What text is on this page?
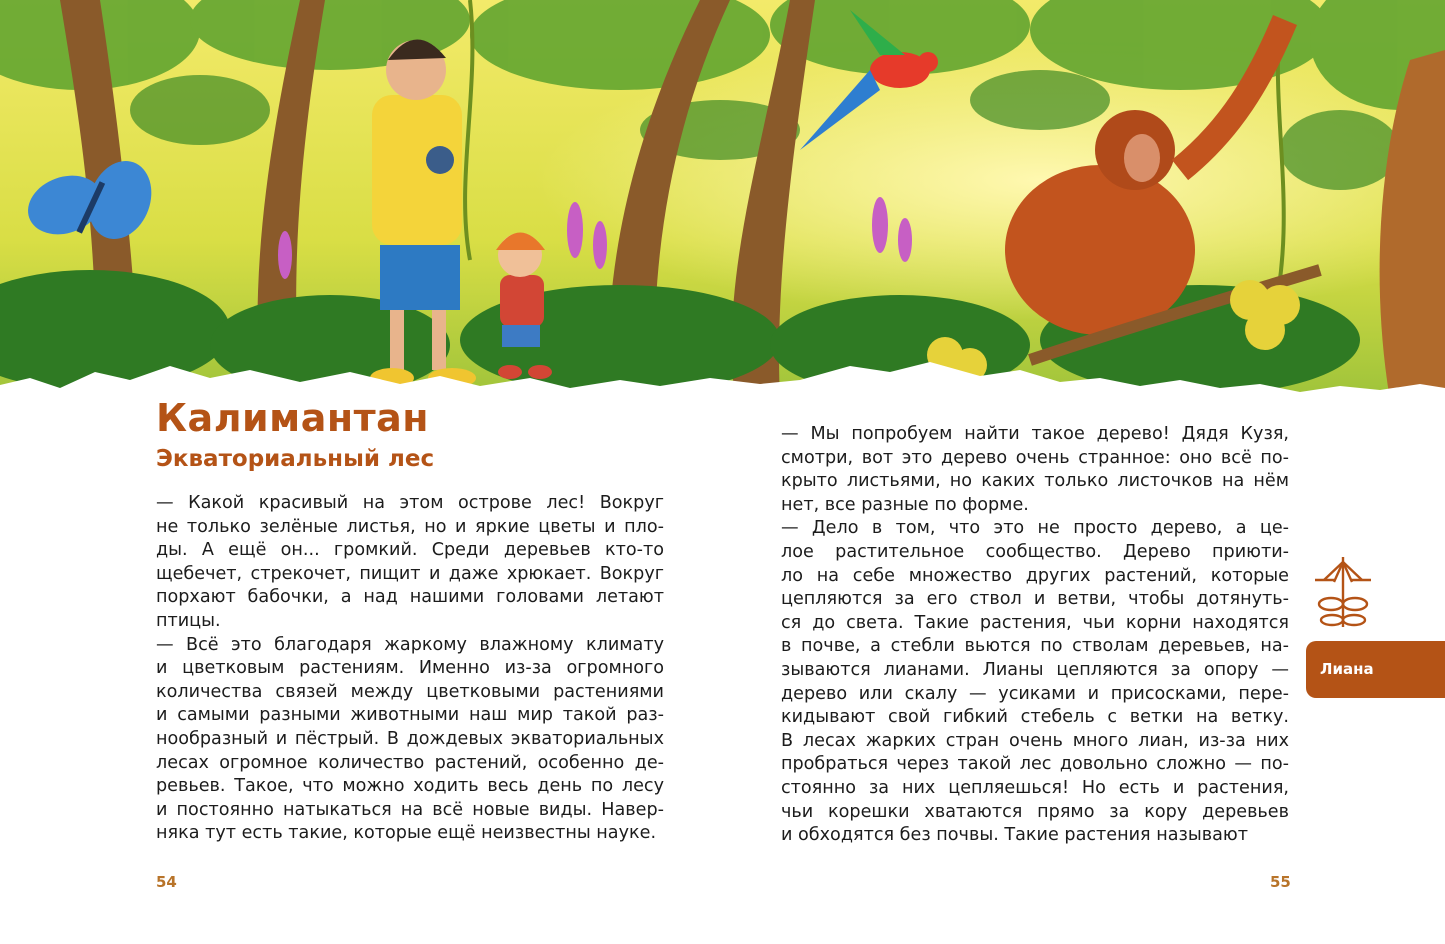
Калимантан
Экваториальный лес
— Какой красивый на этом острове лес! Вокруг
не только зелёные листья, но и яркие цветы и пло-
ды. А ещё он... громкий. Среди деревьев кто-то
щебечет, стрекочет, пищит и даже хрюкает. Вокруг
порхают бабочки, а над нашими головами летают
птицы.
— Всё это благодаря жаркому влажному климату
и цветковым растениям. Именно из-за огромного
количества связей между цветковыми растениями
и самыми разными животными наш мир такой раз-
нообразный и пёстрый. В дождевых экваториальных
лесах огромное количество растений, особенно де-
ревьев. Такое, что можно ходить весь день по лесу
и постоянно натыкаться на всё новые виды. Навер-
няка тут есть такие, которые ещё неизвестны науке.
— Мы попробуем найти такое дерево! Дядя Кузя,
смотри, вот это дерево очень странное: оно всё по-
крыто листьями, но каких только листочков на нём
нет, все разные по форме.
— Дело в том, что это не просто дерево, а це-
лое растительное сообщество. Дерево приюти-
ло на себе множество других растений, которые
цепляются за его ствол и ветви, чтобы дотянуть-
ся до света. Такие растения, чьи корни находятся
в почве, а стебли вьются по стволам деревьев, на-
зываются лианами. Лианы цепляются за опору —
дерево или скалу — усиками и присосками, пере-
кидывают свой гибкий стебель с ветки на ветку.
В лесах жарких стран очень много лиан, из-за них
пробраться через такой лес довольно сложно — по-
стоянно за них цепляешься! Но есть и растения,
чьи корешки хватаются прямо за кору деревьев
и обходятся без почвы. Такие растения называют
54	55
Лиана
